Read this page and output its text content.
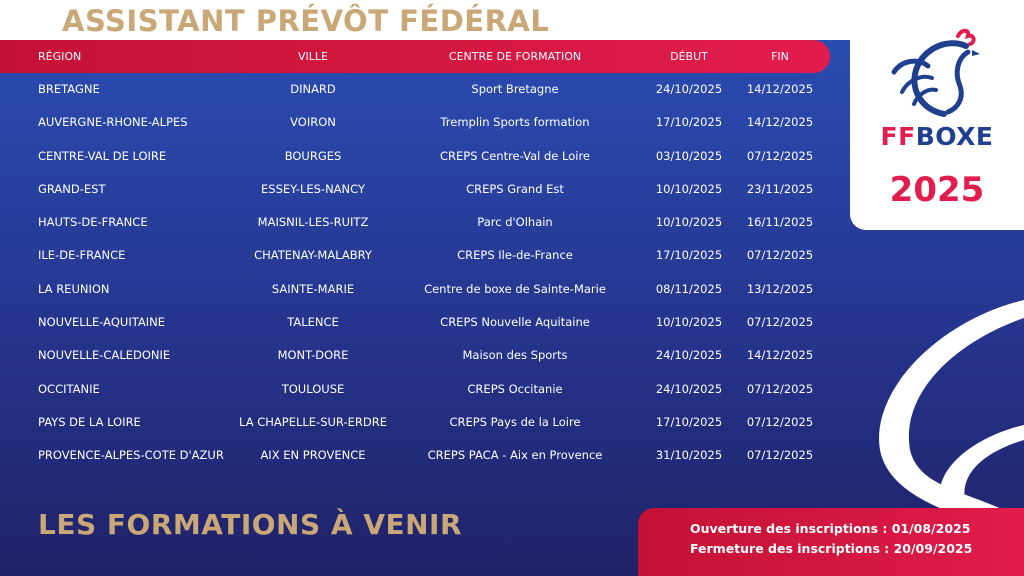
ASSISTANT PRÉVÔT FÉDÉRAL
RÉGION	VILLE	CENTRE DE FORMATION	DÉBUT	FIN
BRETAGNE	DINARD	Sport Bretagne	24/10/2025 14/12/2025
AUVERGNE-RHONE-ALPES	VOIRON	Tremplin Sports formation	17/10/2025 14/12/2025
CENTRE-VAL DE LOIRE	BOURGES	CREPS Centre-Val de Loire	03/10/2025 07/12/2025
GRAND-EST	ESSEY-LES-NANCY	CREPS Grand Est	10/10/2025 23/11/2025
HAUTS-DE-FRANCE	MAISNIL-LES-RUITZ	Parc d'Olhain	10/10/2025 16/11/2025
ILE-DE-FRANCE	CHATENAY-MALABRY	CREPS Ile-de-France	17/10/2025 07/12/2025
LA REUNION	SAINTE-MARIE	Centre de boxe de Sainte-Marie	08/11/2025 13/12/2025
NOUVELLE-AQUITAINE	TALENCE	CREPS Nouvelle Aquitaine	10/10/2025 07/12/2025
NOUVELLE-CALEDONIE	MONT-DORE	Maison des Sports	24/10/2025 14/12/2025
OCCITANIE	TOULOUSE	CREPS Occitanie	24/10/2025 07/12/2025
PAYS DE LA LOIRE	LA CHAPELLE-SUR-ERDRE	CREPS Pays de la Loire	17/10/2025 07/12/2025
PROVENCE-ALPES-COTE D'AZUR	AIX EN PROVENCE	CREPS PACA - Aix en Provence	31/10/2025 07/12/2025
FFBOXE
2025
LES FORMATIONS À VENIR	Ouverture des inscriptions : 01/08/2025
Fermeture des inscriptions : 20/09/2025
